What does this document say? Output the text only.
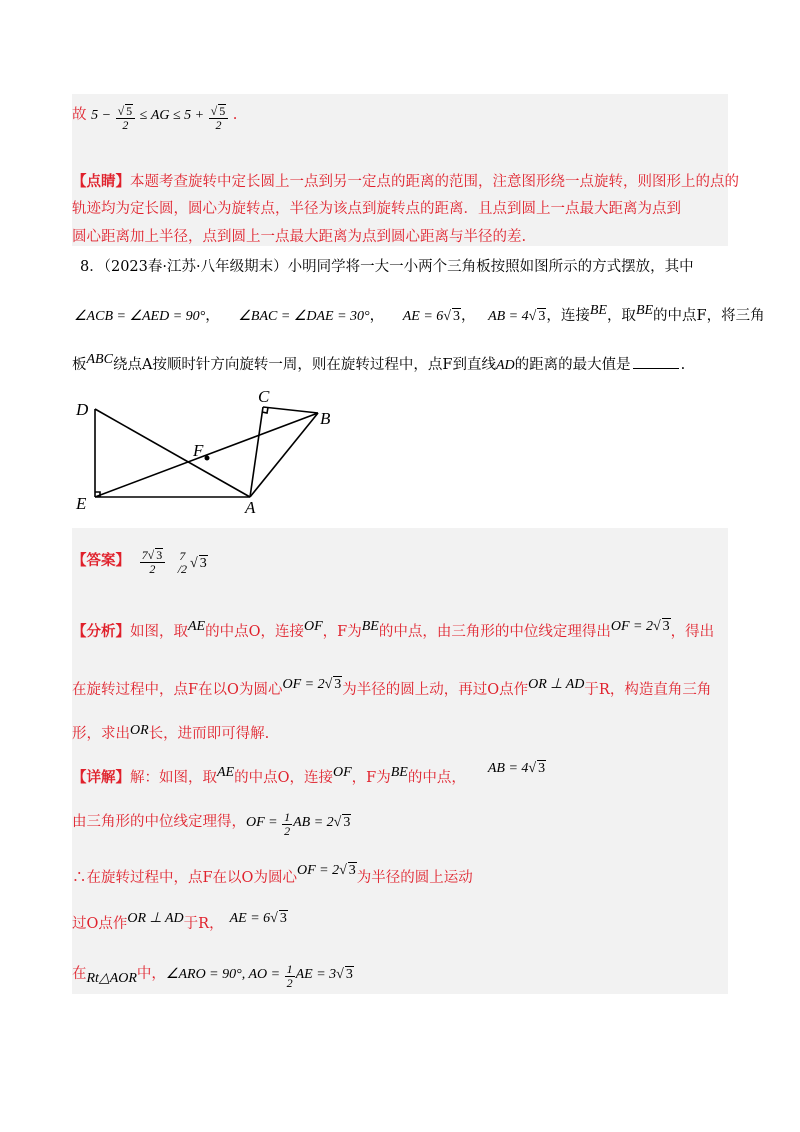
故 $5 - \frac{√ 5}{2}$ ≤ AG ≤ $5 + \frac{√ 5}{2}$ .
【点睛】本题考查旋转中定长圆上一点到另一定点的距离的范围，注意图形绕一点旋转，则图形上的点的
轨迹均为定长圆，圆心为旋转点，半径为该点到旋转点的距离．且点到圆上一点最大距离为点到
圆心距离加上半径，点到圆上一点最大距离为点到圆心距离与半径的差.
8．（2023春·江苏·八年级期末）小明同学将一大一小两个三角板按照如图所示的方式摆放，其中
∠ACB = ∠AED = 90°， ∠BAC = ∠DAE = 30°， AE = 6√ 3， AB = 4√ 3，连接BE，取BE的中点F，将三角
板ABC绕点A按顺时针方向旋转一周，则在旋转过程中，点F到直线AD的距离的最大值是	.
D
C
B
F
E	A
【答案】 $\frac{7√ 3}{2}$
	7
/2 √ 3
【分析】如图，取AE的中点O，连接OF，F为BE的中点，由三角形的中位线定理得出OF = 2√ 3，得出
在旋转过程中，点F在以O为圆心OF = 2√ 3为半径的圆上动，再过O点作OR ⊥ AD于R，构造直角三角
形，求出OR长，进而即可得解.
【详解】解：如图，取AE的中点O，连接OF，F为BE的中点，AB = 4√ 3
由三角形的中位线定理得，OF = $\frac{1}{2}$ AB = 2√ 3
∴在旋转过程中，点F在以O为圆心OF = 2√ 3为半径的圆上运动
过O点作OR ⊥ AD于R， AE = 6√ 3
在Rt△AOR中，∠ARO = 90°, AO = $\frac{1}{2}$ AE = 3√ 3
